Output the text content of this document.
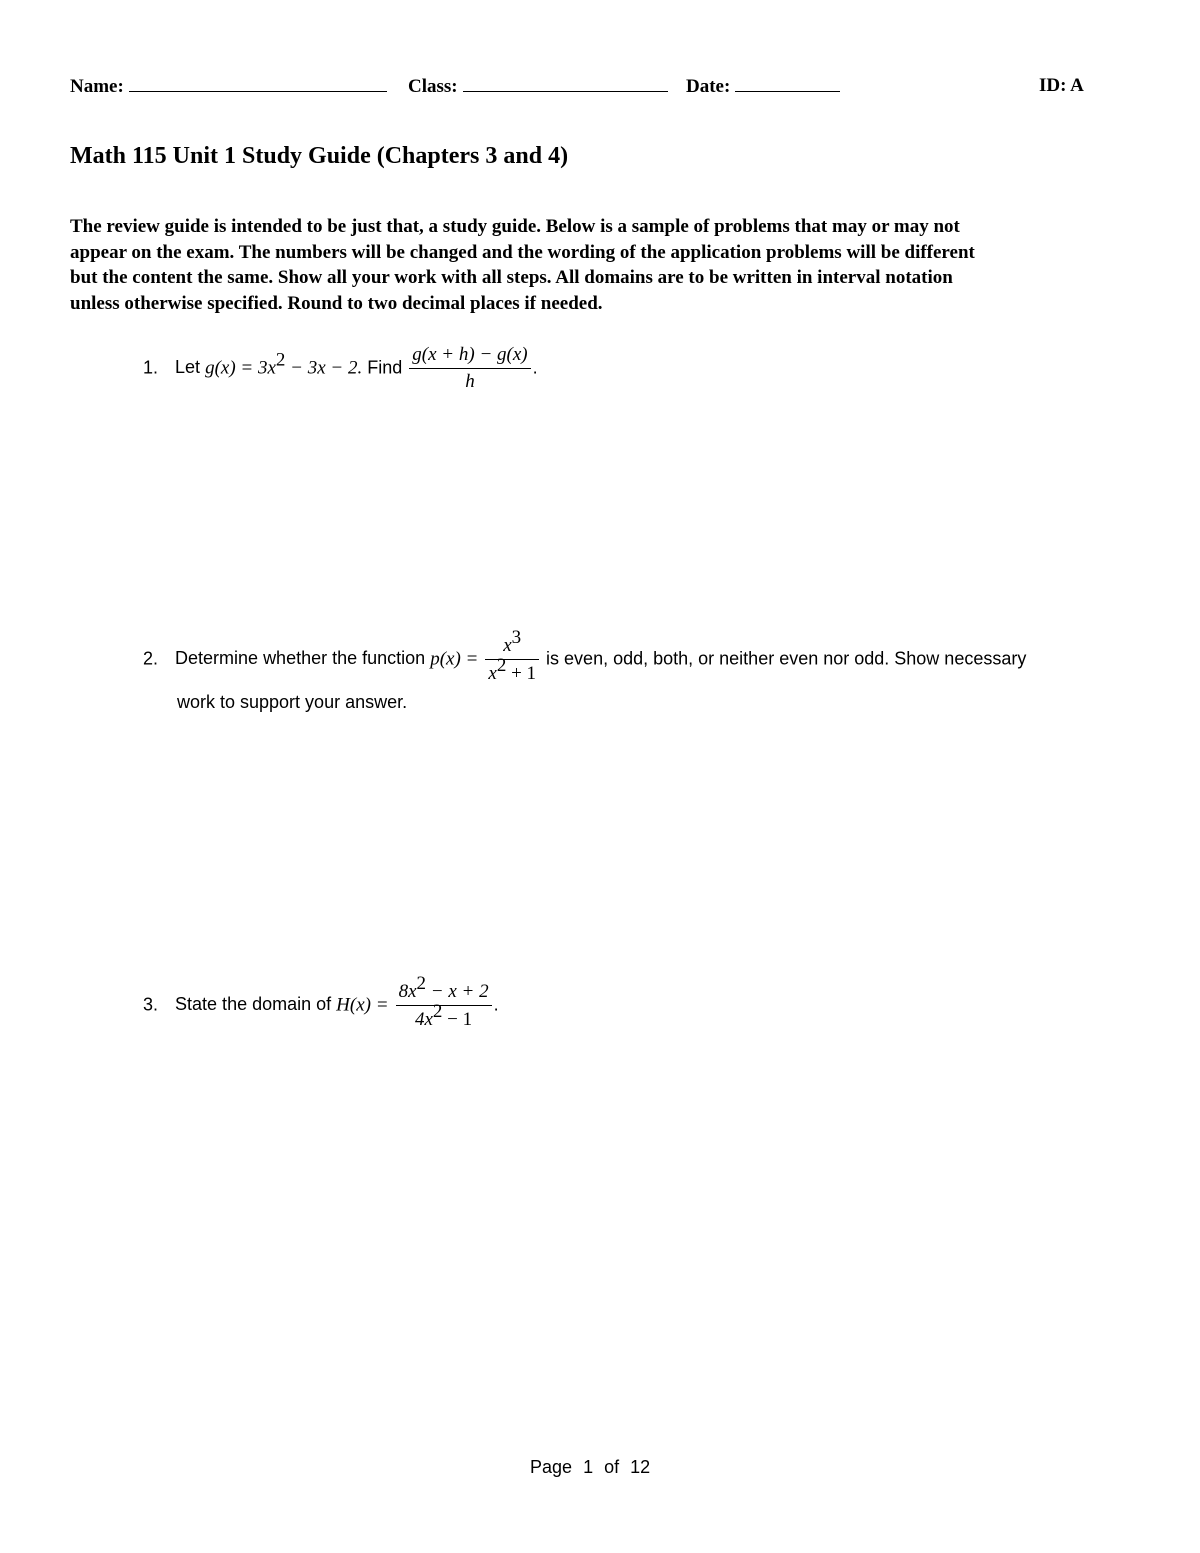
Name:	Class:	Date:	ID: A
Math 115 Unit 1 Study Guide (Chapters 3 and 4)
The review guide is intended to be just that, a study guide. Below is a sample of problems that may or may not
appear on the exam. The numbers will be changed and the wording of the application problems will be different
but the content the same. Show all your work with all steps. All domains are to be written in interval notation
unless otherwise specified. Round to two decimal places if needed.
1. Let $g(x) = 3x^2 - 3x - 2$. Find $\frac{g(x + h) - g(x)}{h}$ .
2. Determine whether the function $p(x) = \frac{x^3}{x^2 + 1}$ is even, odd, both, or neither even nor odd. Show necessary
work to support your answer.
3. State the domain of $H(x) = \frac{8x^2 - x + 2}{4x^2 - 1}$ .
Page 1 of 12
